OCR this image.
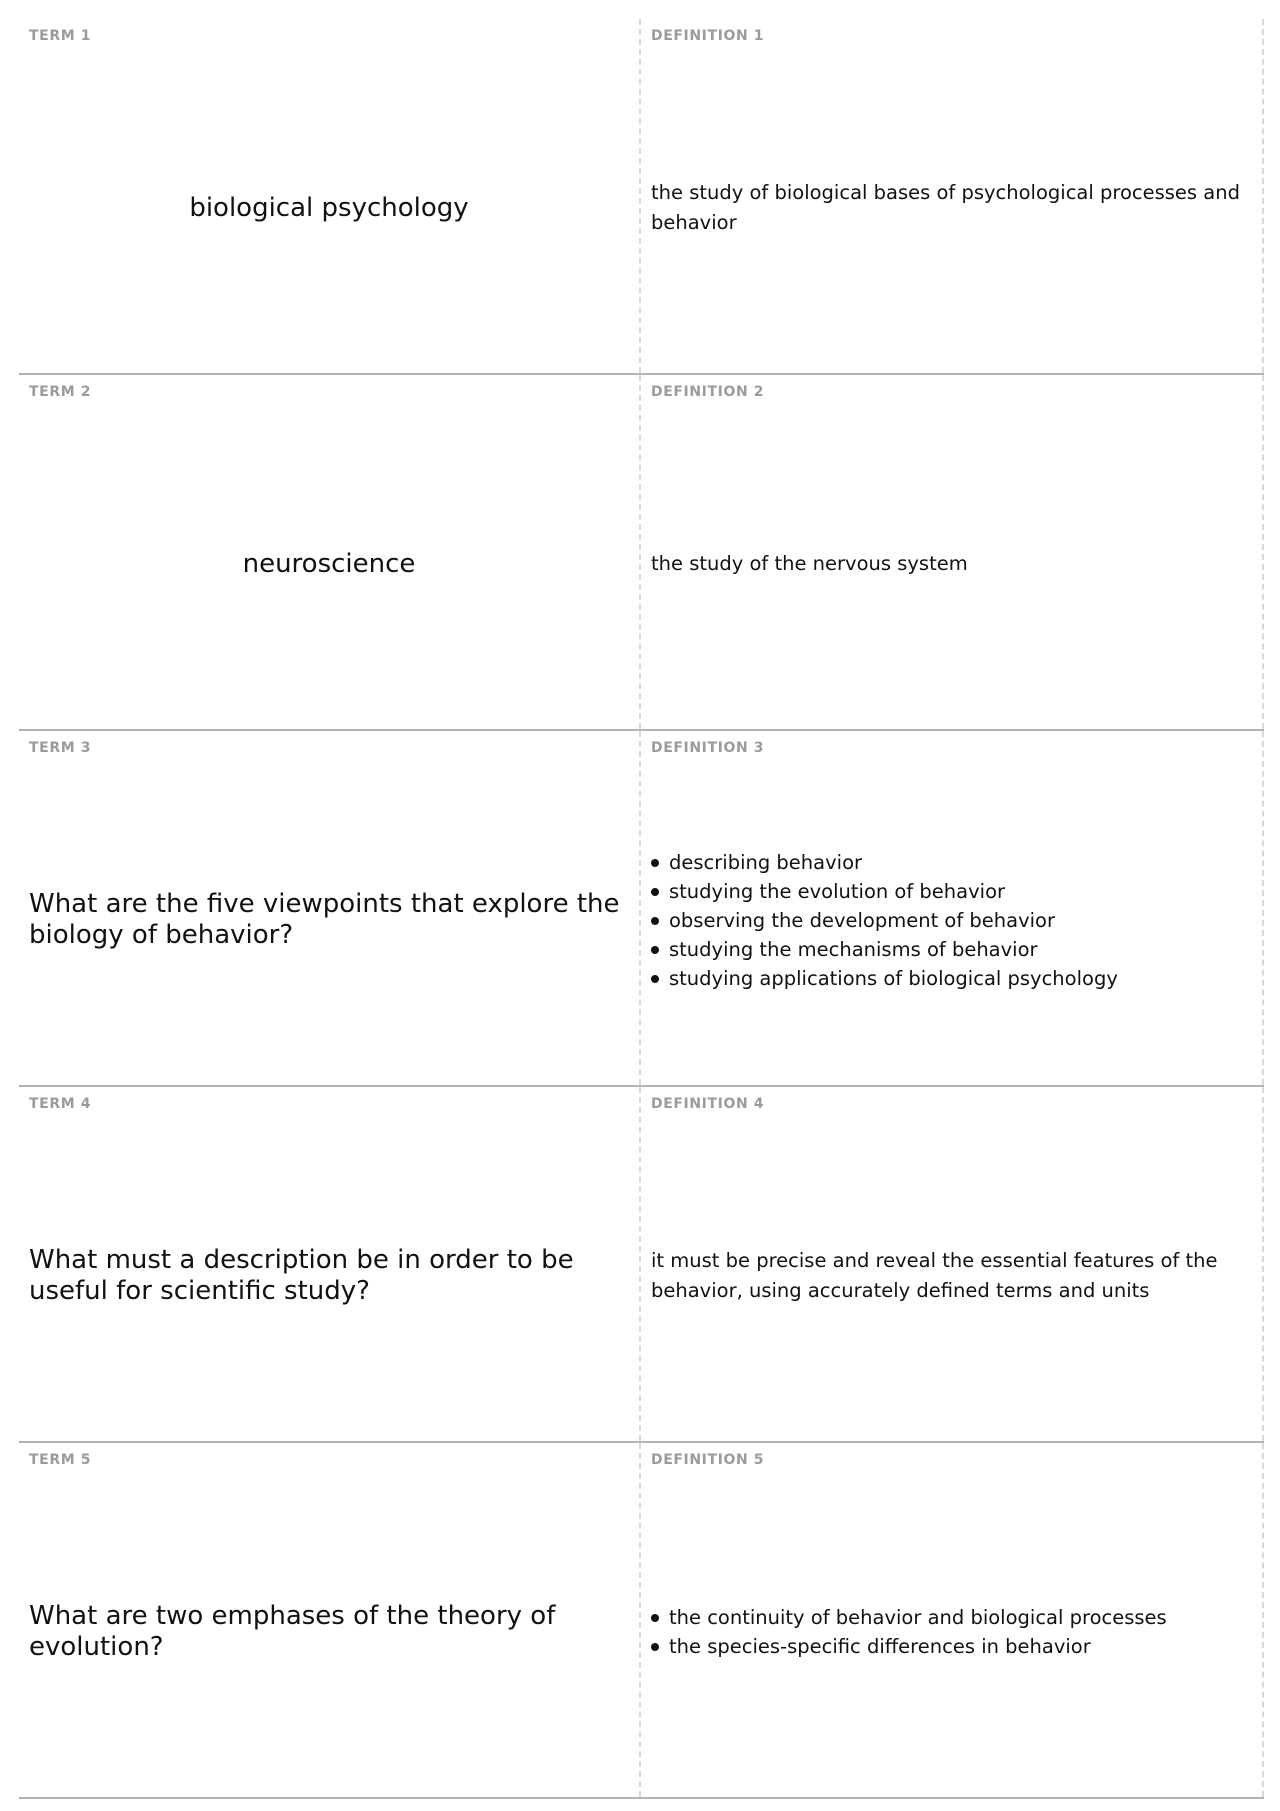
TERM 1
biological psychology
DEFINITION 1
the study of biological bases of psychological processes and behavior
TERM 2
neuroscience
DEFINITION 2
the study of the nervous system
TERM 3
What are the five viewpoints that explore the biology of behavior?
DEFINITION 3
describing behavior
studying the evolution of behavior
observing the development of behavior
studying the mechanisms of behavior
studying applications of biological psychology
TERM 4
What must a description be in order to be useful for scientific study?
DEFINITION 4
it must be precise and reveal the essential features of the behavior, using accurately defined terms and units
TERM 5
What are two emphases of the theory of evolution?
DEFINITION 5
the continuity of behavior and biological processes
the species-specific differences in behavior
